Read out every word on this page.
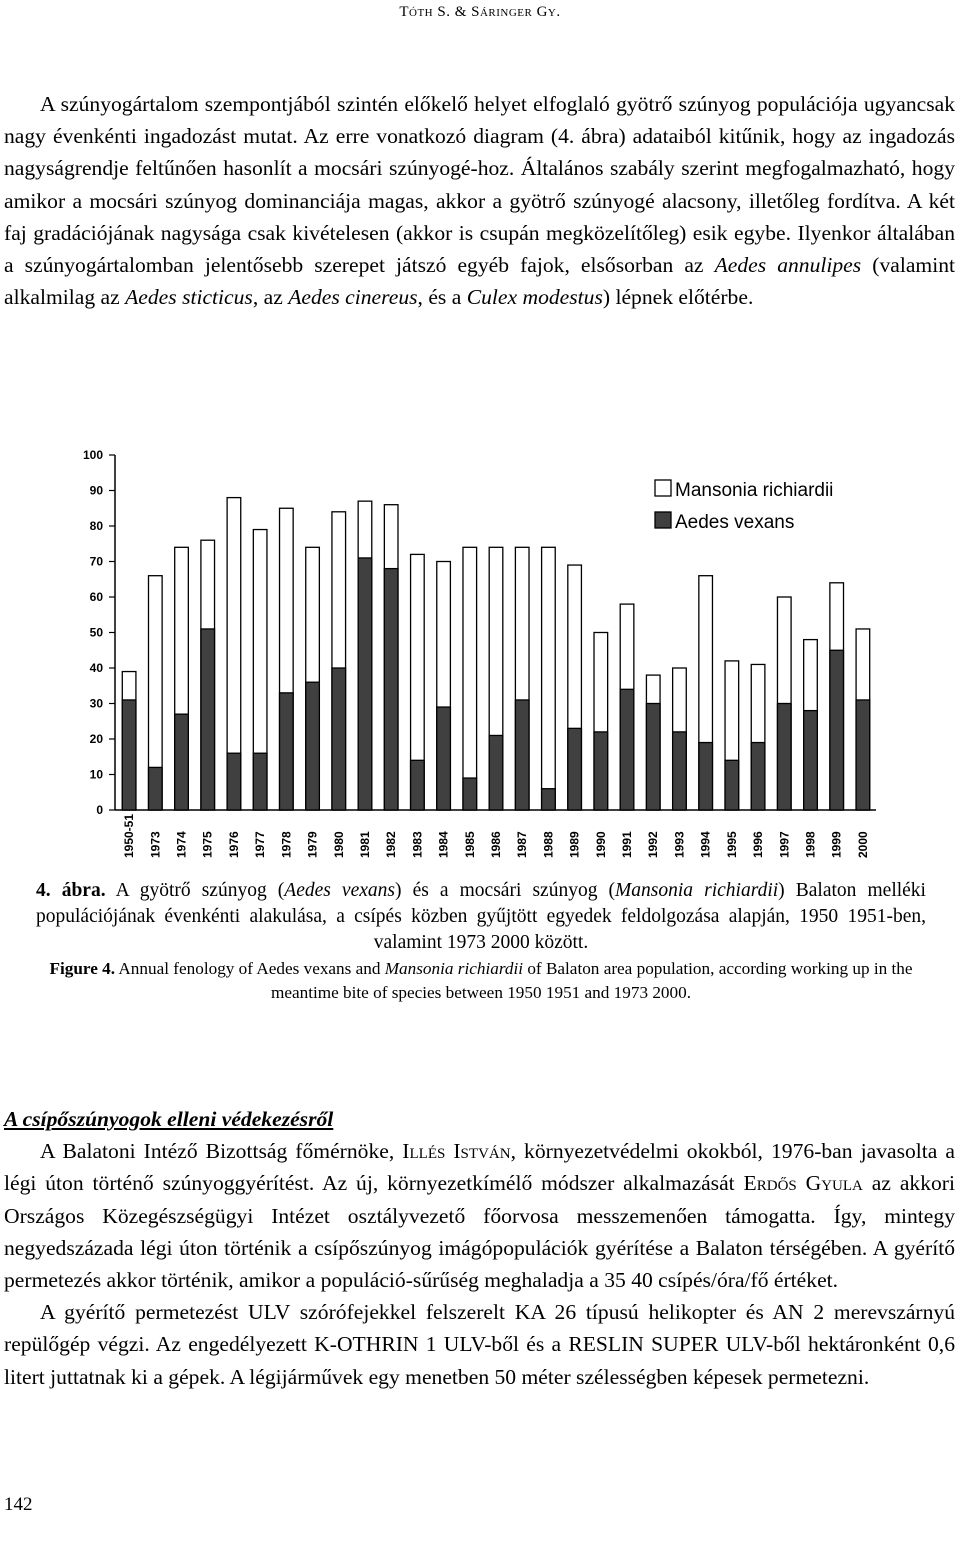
Tóth S. & Sáringer Gy.
A szúnyogártalom szempontjából szintén előkelő helyet elfoglaló gyötrő szúnyog populációja ugyancsak nagy évenkénti ingadozást mutat. Az erre vonatkozó diagram (4. ábra) adataiból kitűnik, hogy az ingadozás nagyságrendje feltűnően hasonlít a mocsári szúnyogé-hoz. Általános szabály szerint megfogalmazható, hogy amikor a mocsári szúnyog dominanciája magas, akkor a gyötrő szúnyogé alacsony, illetőleg fordítva. A két faj gradációjának nagysága csak kivételesen (akkor is csupán megközelítőleg) esik egybe. Ilyenkor általában a szúnyogártalomban jelentősebb szerepet játszó egyéb fajok, elsősorban az Aedes annulipes (valamint alkalmilag az Aedes sticticus, az Aedes cinereus, és a Culex modestus) lépnek előtérbe.
0
10
20
30
40
50
60
70
80
90
100
1950-51 1973 1974 1975 1976 1977 1978 1979 1980 1981 1982 1983 1984 1985 1986 1987 1988 1989 1990 1991 1992 1993 1994 1995 1996 1997 1998 1999 2000
Mansonia richiardii
Aedes vexans
4. ábra. A gyötrő szúnyog (Aedes vexans) és a mocsári szúnyog (Mansonia richiardii) Balaton melléki populációjának évenkénti alakulása, a csípés közben gyűjtött egyedek feldolgozása alapján, 1950 1951-ben, valamint 1973 2000 között.
Figure 4. Annual fenology of Aedes vexans and Mansonia richiardii of Balaton area population, according working up in the meantime bite of species between 1950 1951 and 1973 2000.
A csípőszúnyogok elleni védekezésről

A Balatoni Intéző Bizottság főmérnöke, Illés István, környezetvédelmi okokból, 1976-ban javasolta a légi úton történő szúnyoggyérítést. Az új, környezetkímélő módszer alkalmazását Erdős Gyula az akkori Országos Közegészségügyi Intézet osztályvezető főorvosa messzemenően támogatta. Így, mintegy negyedszázada légi úton történik a csípőszúnyog imágópopulációk gyérítése a Balaton térségében. A gyérítő permetezés akkor történik, amikor a populáció-sűrűség meghaladja a 35 40 csípés/óra/fő értéket.

A gyérítő permetezést ULV szórófejekkel felszerelt KA 26 típusú helikopter és AN 2 merevszárnyú repülőgép végzi. Az engedélyezett K-OTHRIN 1 ULV-ből és a RESLIN SUPER ULV-ből hektáronként 0,6 litert juttatnak ki a gépek. A légijárművek egy menetben 50 méter szélességben képesek permetezni.

142
